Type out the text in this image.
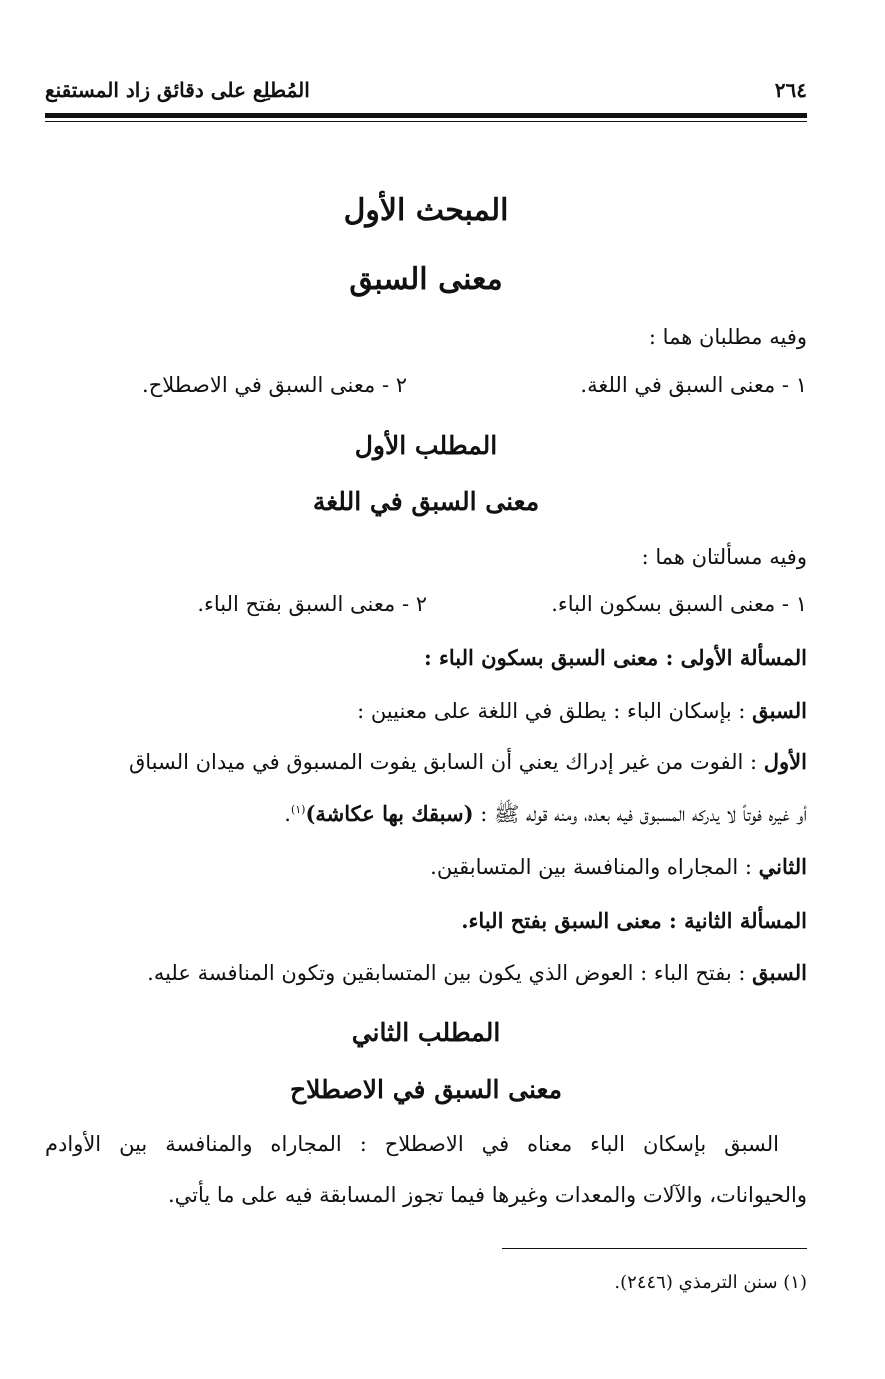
٢٦٤
المُطلِع على دقائق زاد المستقنع
المبحث الأول
معنى السبق
وفيه مطلبان هما :
١ - معنى السبق في اللغة.
٢ - معنى السبق في الاصطلاح.
المطلب الأول
معنى السبق في اللغة
وفيه مسألتان هما :
١ - معنى السبق بسكون الباء.
٢ - معنى السبق بفتح الباء.
المسألة الأولى : معنى السبق بسكون الباء :
السبق : بإسكان الباء : يطلق في اللغة على معنيين :
الأول : الفوت من غير إدراك يعني أن السابق يفوت المسبوق في ميدان السباق
أو غيره فوتاً لا يدركه المسبوق فيه بعده، ومنه قوله ﷺ : (سبقك بها عكاشة)$^{(١)}$.
الثاني : المجاراه والمنافسة بين المتسابقين.
المسألة الثانية : معنى السبق بفتح الباء.
السبق : بفتح الباء : العوض الذي يكون بين المتسابقين وتكون المنافسة عليه.
المطلب الثاني
معنى السبق في الاصطلاح
السبق بإسكان الباء معناه في الاصطلاح : المجاراه والمنافسة بين الأوادم
والحيوانات، والآلات والمعدات وغيرها فيما تجوز المسابقة فيه على ما يأتي.
(١) سنن الترمذي (٢٤٤٦).
